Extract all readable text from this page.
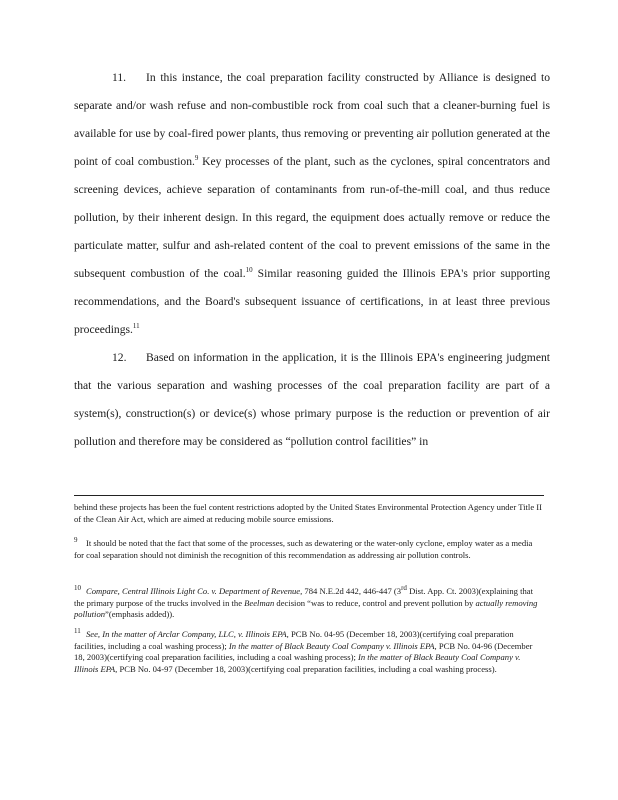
11. In this instance, the coal preparation facility constructed by Alliance is designed to separate and/or wash refuse and non-combustible rock from coal such that a cleaner-burning fuel is available for use by coal-fired power plants, thus removing or preventing air pollution generated at the point of coal combustion.$^9$ Key processes of the plant, such as the cyclones, spiral concentrators and screening devices, achieve separation of contaminants from run-of-the-mill coal, and thus reduce pollution, by their inherent design. In this regard, the equipment does actually remove or reduce the particulate matter, sulfur and ash-related content of the coal to prevent emissions of the same in the subsequent combustion of the coal.$^{10}$ Similar reasoning guided the Illinois EPA's prior supporting recommendations, and the Board's subsequent issuance of certifications, in at least three previous proceedings.$^{11}$

12. Based on information in the application, it is the Illinois EPA's engineering judgment that the various separation and washing processes of the coal preparation facility are part of a system(s), construction(s) or device(s) whose primary purpose is the reduction or prevention of air pollution and therefore may be considered as “pollution control facilities” in

behind these projects has been the fuel content restrictions adopted by the United States Environmental Protection Agency under Title II of the Clean Air Act, which are aimed at reducing mobile source emissions.

$^9$ It should be noted that the fact that some of the processes, such as dewatering or the water-only cyclone, employ water as a media for coal separation should not diminish the recognition of this recommendation as addressing air pollution controls.

$^{10}$ Compare, Central Illinois Light Co. v. Department of Revenue, 784 N.E.2d 442, 446-447 (3rd Dist. App. Ct. 2003)(explaining that the primary purpose of the trucks involved in the Beelman decision “was to reduce, control and prevent pollution by actually removing pollution”(emphasis added)).

$^{11}$ See, In the matter of Arclar Company, LLC, v. Illinois EPA, PCB No. 04-95 (December 18, 2003)(certifying coal preparation facilities, including a coal washing process); In the matter of Black Beauty Coal Company v. Illinois EPA, PCB No. 04-96 (December 18, 2003)(certifying coal preparation facilities, including a coal washing process); In the matter of Black Beauty Coal Company v. Illinois EPA, PCB No. 04-97 (December 18, 2003)(certifying coal preparation facilities, including a coal washing process).
